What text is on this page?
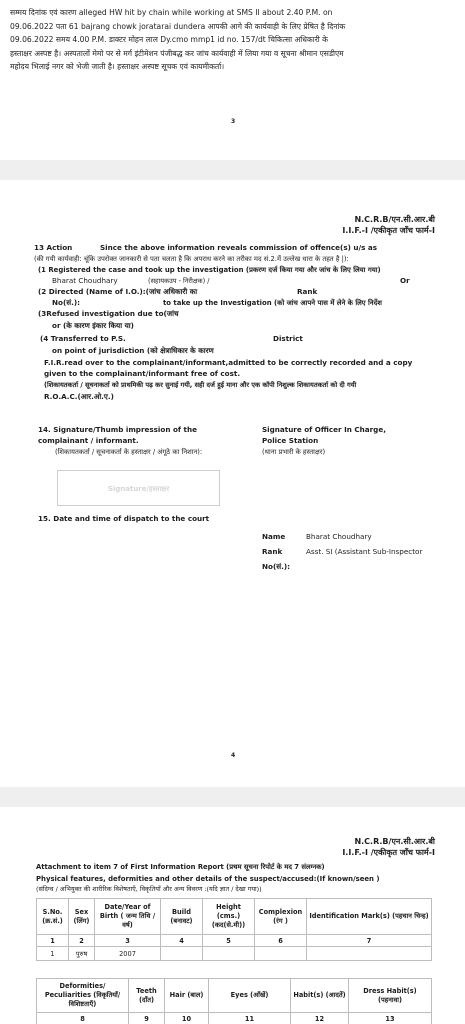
सम्मय दिनांक एवं कारण alleged HW hit by chain while working at SMS II about 2.40 P.M. on
09.06.2022 पता 61 bajrang chowk joratarai dundera आपकी आगे की कार्यवाही के लिए प्रेषित है दिनांक
09.06.2022 समय 4.00 P.M. डाक्टर मोहन लाल Dy.cmo mmp1 id no. 157/dt चिकित्सा अधिकारी के
हस्ताक्षर अस्पष्ट है। अस्पतालों मेमो पर से मर्ग इंटीमेशन पंजीबद्ध कर जांच कार्यवाही में लिया गया व सूचना श्रीमान एसडीएम
महोदय भिलाई नगर को भेजी जाती है। हस्ताक्षर अस्पष्ट सूचक एवं कायमीकर्ता।
3
N.C.R.B/एन.सी.आर.बी
I.I.F.-I /एकीकृत जाँच फार्म-I
13 Action	Since the above information reveals commission of offence(s) u/s as
(की गयी कार्यवाही: चूंकि उपरोक्त जानकारी से पता चलता है कि अपराध करने का तरीका मद सं.2.में उल्लेख धारा के तहत है |):
(1 Registered the case and took up the investigation (प्रकरण दर्ज किया गया और जांच के लिए लिया गया)
Bharat Choudhary	(सहायकउप - निरीक्षक) /	Or
(2 Directed (Name of I.O.):(जांच अधिकारी का	Rank
No(सं.):	to take up the Investigation (को जांच आपने पास में लेने के लिए निर्देश
(3Refused investigation due to(जांच
or (के कारण इंकार किया या)
(4 Transferred to P.S.	District
on point of jurisdiction (को क्षेत्राधिकार के कारण
F.I.R.read over to the complainant/informant,admitted to be correctly recorded and a copy given to the complainant/informant free of cost.
(शिकायतकर्ता / सूचनाकर्ता को प्राथमिकी पढ़ कर सुनाई गयी, सही दर्ज हुई माना और एक कॉपी निशुल्क शिकायतकर्ता को दी गयी
R.O.A.C.(आर.ओ.ए.)
14. Signature/Thumb impression of the complainant / informant.
(शिकायतकर्ता / सूचनाकर्ता के हस्ताक्षर / अंगूठे का निशान):
Signature of Officer In Charge, Police Station
(थाना प्रभारी के हस्ताक्षर)
Signature/हस्ताक्षर
15. Date and time of dispatch to the court
Name	Bharat Choudhary
Rank	Asst. SI (Assistant Sub-Inspector
No(सं.):
4
N.C.R.B/एन.सी.आर.बी
I.I.F.-I /एकीकृत जाँच फार्म-I
Attachment to item 7 of First Information Report (प्रथम सूचना रिपोर्ट के मद 7 संलग्नक)
Physical features, deformities and other details of the suspect/accused:(If known/seen )
(संदिग्ध / अभियुक्त की शारीरिक विशेषताएँ, विकृतियाँ और अन्य विवरण :(यदि ज्ञात / देखा गया))
S.No. (क्र.सं.)	Sex (लिंग)	Date/Year of Birth ( जन्म तिथि / वर्ष)	Build (बनावट)	Height (cms.) (कद(से.मी))	Complexion (रंग )	Identification Mark(s) (पहचान चिन्ह)
1	2	3	4	5	6	7
1	पुरुष	2007				
Deformities/ Peculiarities (विकृतियाँ/ विशिष्टताएँ)	Teeth (दाँत)	Hair (बाल)	Eyes (आँखें)	Habit(s) (आदतें)	Dress Habit(s) (पहनावा)
8	9	10	11	12	13
